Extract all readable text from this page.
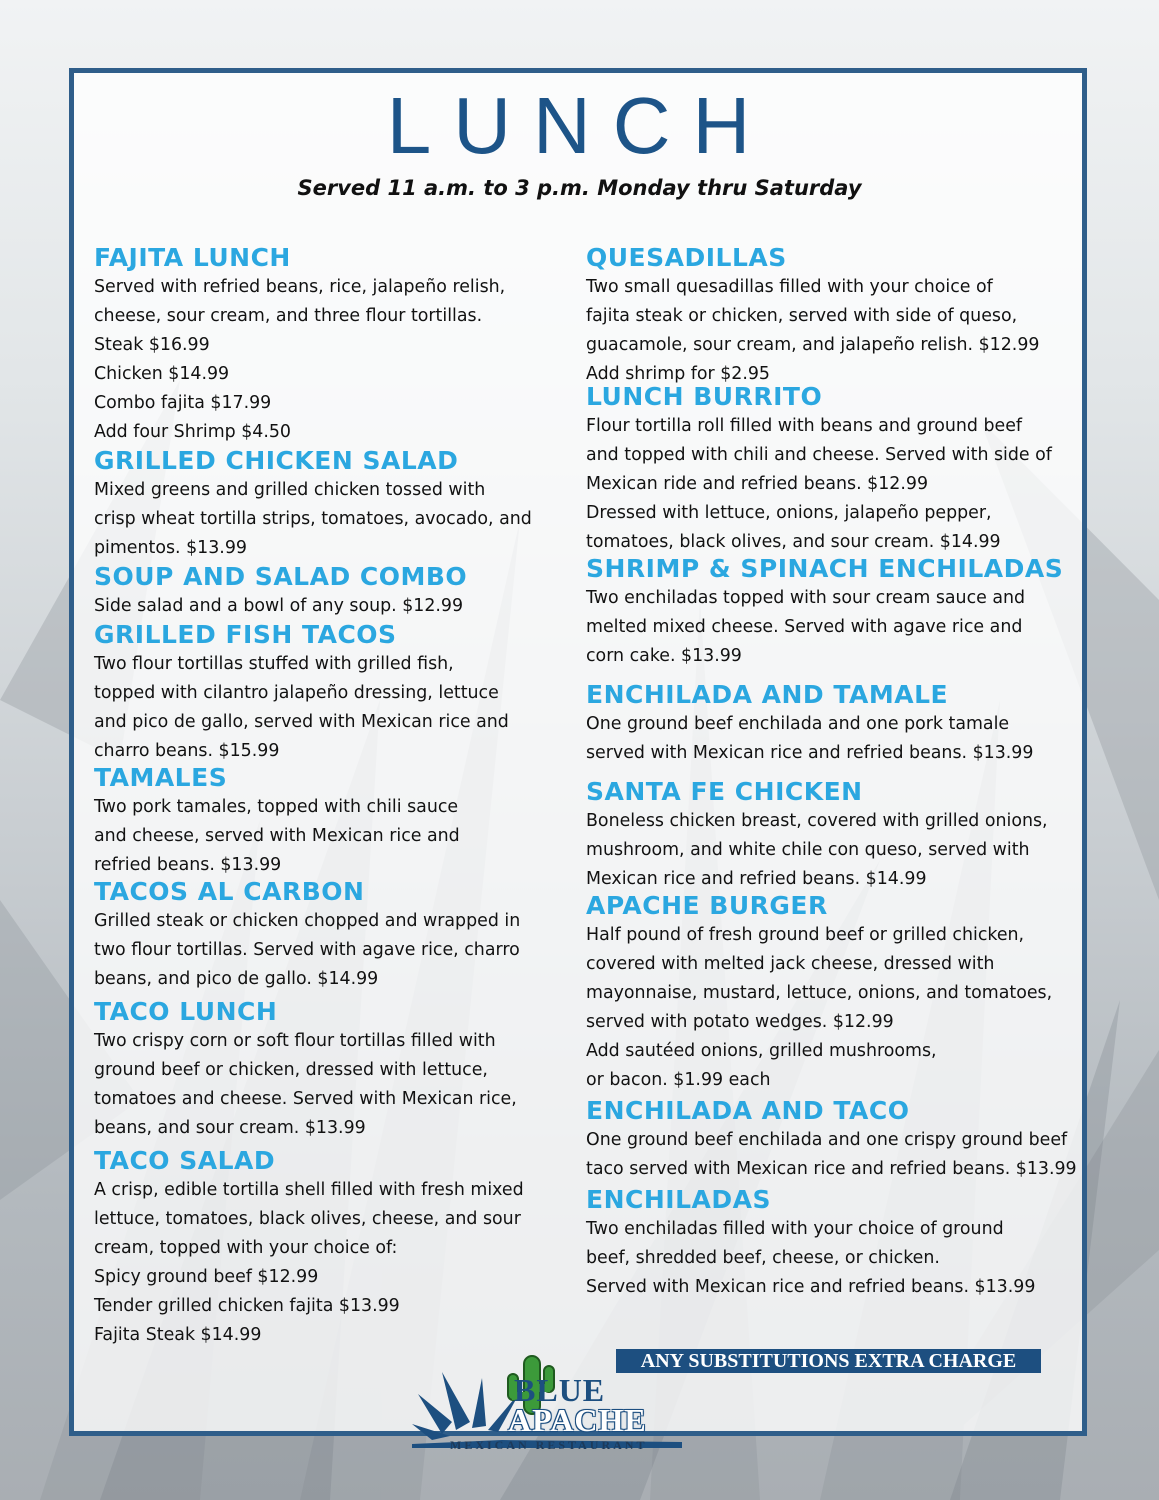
LUNCH

Served 11 a.m. to 3 p.m. Monday thru Saturday

FAJITA LUNCH

Served with refried beans, rice, jalapeño relish,

cheese, sour cream, and three flour tortillas.

Steak $16.99

Chicken $14.99

Combo fajita $17.99

Add four Shrimp $4.50

GRILLED CHICKEN SALAD

Mixed greens and grilled chicken tossed with

crisp wheat tortilla strips, tomatoes, avocado, and

pimentos. $13.99

SOUP AND SALAD COMBO

Side salad and a bowl of any soup. $12.99

GRILLED FISH TACOS

Two flour tortillas stuffed with grilled fish,

topped with cilantro jalapeño dressing, lettuce

and pico de gallo, served with Mexican rice and

charro beans. $15.99

TAMALES

Two pork tamales, topped with chili sauce

and cheese, served with Mexican rice and

refried beans. $13.99

TACOS AL CARBON

Grilled steak or chicken chopped and wrapped in

two flour tortillas. Served with agave rice, charro

beans, and pico de gallo. $14.99

TACO LUNCH

Two crispy corn or soft flour tortillas filled with

ground beef or chicken, dressed with lettuce,

tomatoes and cheese. Served with Mexican rice,

beans, and sour cream. $13.99

TACO SALAD

A crisp, edible tortilla shell filled with fresh mixed

lettuce, tomatoes, black olives, cheese, and sour

cream, topped with your choice of:

Spicy ground beef $12.99

Tender grilled chicken fajita $13.99

Fajita Steak $14.99

QUESADILLAS

Two small quesadillas filled with your choice of

fajita steak or chicken, served with side of queso,

guacamole, sour cream, and jalapeño relish. $12.99

Add shrimp for $2.95

LUNCH BURRITO

Flour tortilla roll filled with beans and ground beef

and topped with chili and cheese. Served with side of

Mexican ride and refried beans. $12.99

Dressed with lettuce, onions, jalapeño pepper,

tomatoes, black olives, and sour cream. $14.99

SHRIMP & SPINACH ENCHILADAS

Two enchiladas topped with sour cream sauce and

melted mixed cheese. Served with agave rice and

corn cake. $13.99

ENCHILADA AND TAMALE

One ground beef enchilada and one pork tamale

served with Mexican rice and refried beans. $13.99

SANTA FE CHICKEN

Boneless chicken breast, covered with grilled onions,

mushroom, and white chile con queso, served with

Mexican rice and refried beans. $14.99

APACHE BURGER

Half pound of fresh ground beef or grilled chicken,

covered with melted jack cheese, dressed with

mayonnaise, mustard, lettuce, onions, and tomatoes,

served with potato wedges. $12.99

Add sautéed onions, grilled mushrooms,

or bacon. $1.99 each

ENCHILADA AND TACO

One ground beef enchilada and one crispy ground beef

taco served with Mexican rice and refried beans. $13.99

ENCHILADAS

Two enchiladas filled with your choice of ground

beef, shredded beef, cheese, or chicken.

Served with Mexican rice and refried beans. $13.99

ANY SUBSTITUTIONS EXTRA CHARGE
BLUE
APACHE
MEXICAN RESTAURANT
